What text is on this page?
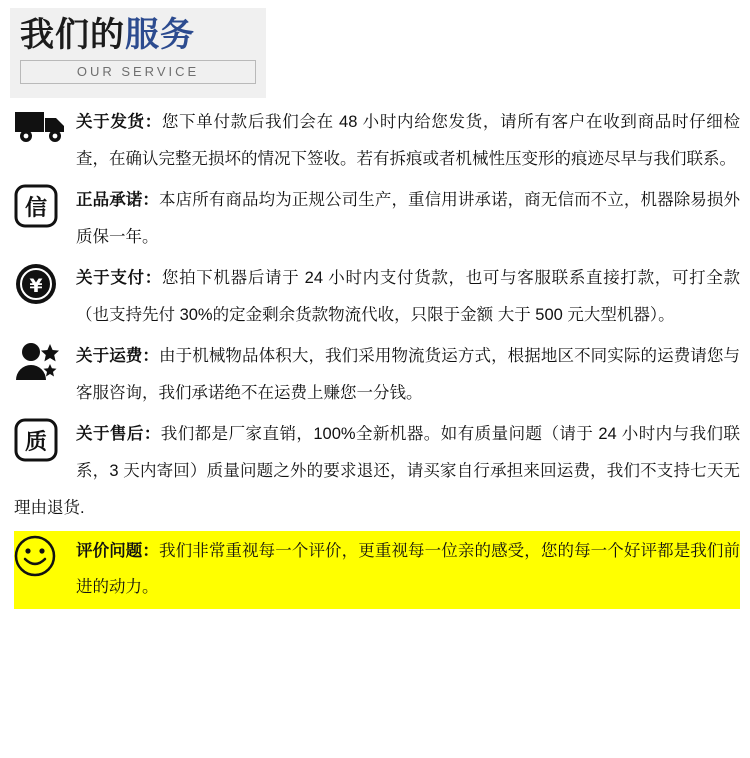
我们的服务
OUR SERVICE
关于发货：您下单付款后我们会在 48 小时内给您发货，请所有客户在收到商品时仔细检查，在确认完整无损坏的情况下签收。若有拆痕或者机械性压变形的痕迹尽早与我们联系。
信	正品承诺：本店所有商品均为正规公司生产，重信用讲承诺，商无信而不立，机器除易损外质保一年。
¥	关于支付：您拍下机器后请于 24 小时内支付货款，也可与客服联系直接打款，可打全款（也支持先付 30%的定金剩余货款物流代收，只限于金额 大于 500 元大型机器）。
关于运费：由于机械物品体积大，我们采用物流货运方式，根据地区不同实际的运费请您与客服咨询，我们承诺绝不在运费上赚您一分钱。
质	关于售后：我们都是厂家直销，100%全新机器。如有质量问题（请于 24 小时内与我们联系，3 天内寄回）质量问题之外的要求退还，请买家自行承担来回运费，我们不支持七天无理由退货.
评价问题：我们非常重视每一个评价，更重视每一位亲的感受，您的每一个好评都是我们前进的动力。
